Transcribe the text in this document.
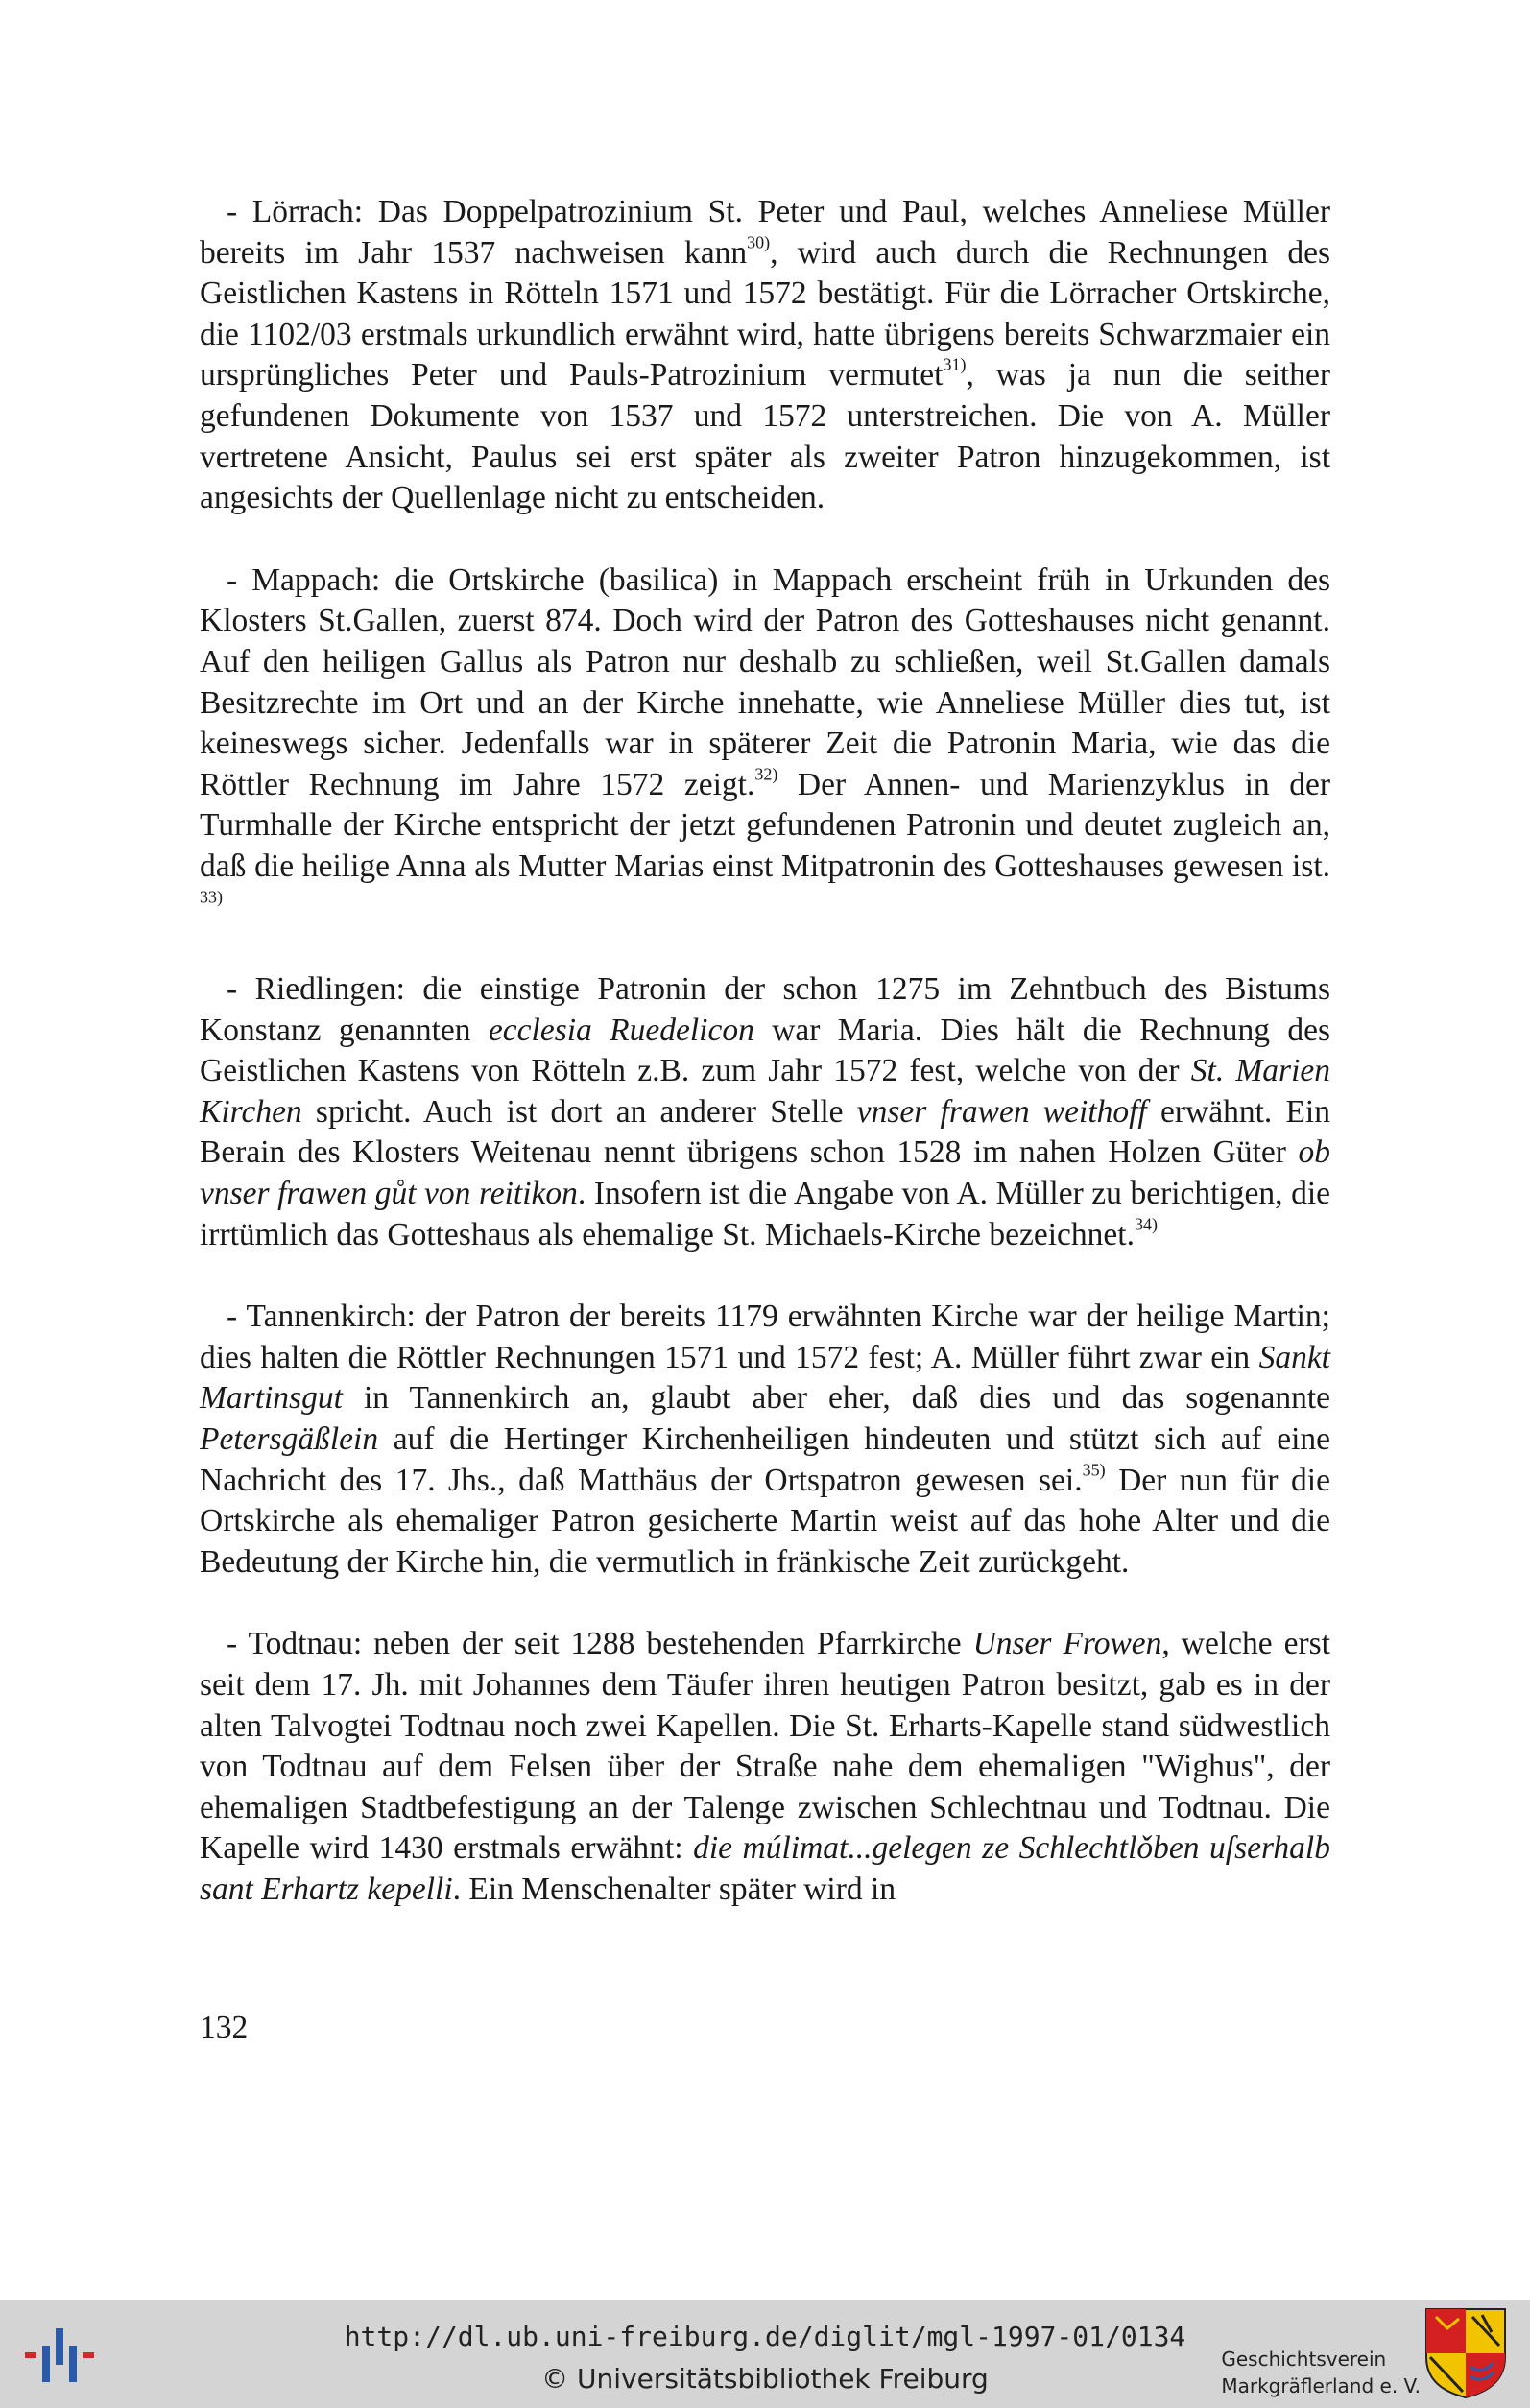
- Lörrach: Das Doppelpatrozinium St. Peter und Paul, welches Anneliese Müller bereits im Jahr 1537 nachweisen kann$^{30)}$, wird auch durch die Rechnungen des Geistlichen Kastens in Rötteln 1571 und 1572 bestätigt. Für die Lörracher Ortskirche, die 1102/03 erstmals urkundlich erwähnt wird, hatte übrigens bereits Schwarzmaier ein ursprüngliches Peter und Pauls-Patrozinium vermutet$^{31)}$, was ja nun die seither gefundenen Dokumente von 1537 und 1572 unterstreichen. Die von A. Müller vertretene Ansicht, Paulus sei erst später als zweiter Patron hinzugekommen, ist angesichts der Quellenlage nicht zu entscheiden.

- Mappach: die Ortskirche (basilica) in Mappach erscheint früh in Urkunden des Klosters St.Gallen, zuerst 874. Doch wird der Patron des Gotteshauses nicht genannt. Auf den heiligen Gallus als Patron nur deshalb zu schließen, weil St.Gallen damals Besitzrechte im Ort und an der Kirche innehatte, wie Anneliese Müller dies tut, ist keineswegs sicher. Jedenfalls war in späterer Zeit die Patronin Maria, wie das die Röttler Rechnung im Jahre 1572 zeigt.$^{32)}$ Der Annen- und Marienzyklus in der Turmhalle der Kirche entspricht der jetzt gefundenen Patronin und deutet zugleich an, daß die heilige Anna als Mutter Marias einst Mitpatronin des Gotteshauses gewesen ist. $^{33)}$

- Riedlingen: die einstige Patronin der schon 1275 im Zehntbuch des Bistums Konstanz genannten ecclesia Ruedelicon war Maria. Dies hält die Rechnung des Geistlichen Kastens von Rötteln z.B. zum Jahr 1572 fest, welche von der St. Marien Kirchen spricht. Auch ist dort an anderer Stelle vnser frawen weithoff erwähnt. Ein Berain des Klosters Weitenau nennt übrigens schon 1528 im nahen Holzen Güter ob vnser frawen gůt von reitikon. Insofern ist die Angabe von A. Müller zu berichtigen, die irrtümlich das Gotteshaus als ehemalige St. Michaels-Kirche bezeichnet.$^{34)}$

- Tannenkirch: der Patron der bereits 1179 erwähnten Kirche war der heilige Martin; dies halten die Röttler Rechnungen 1571 und 1572 fest; A. Müller führt zwar ein Sankt Martinsgut in Tannenkirch an, glaubt aber eher, daß dies und das sogenannte Petersgäßlein auf die Hertinger Kirchenheiligen hindeuten und stützt sich auf eine Nachricht des 17. Jhs., daß Matthäus der Ortspatron gewesen sei.$^{35)}$ Der nun für die Ortskirche als ehemaliger Patron gesicherte Martin weist auf das hohe Alter und die Bedeutung der Kirche hin, die vermutlich in fränkische Zeit zurückgeht.

- Todtnau: neben der seit 1288 bestehenden Pfarrkirche Unser Frowen, welche erst seit dem 17. Jh. mit Johannes dem Täufer ihren heutigen Patron besitzt, gab es in der alten Talvogtei Todtnau noch zwei Kapellen. Die St. Erharts-Kapelle stand südwestlich von Todtnau auf dem Felsen über der Straße nahe dem ehemaligen "Wighus", der ehemaligen Stadtbefestigung an der Talenge zwischen Schlechtnau und Todtnau. Die Kapelle wird 1430 erstmals erwähnt: die múlimat...gelegen ze Schlechtlǒben uſserhalb sant Erhartz kepelli. Ein Menschenalter später wird in

132
http://dl.ub.uni-freiburg.de/diglit/mgl-1997-01/0134
© Universitätsbibliothek Freiburg
Geschichtsverein
Markgräflerland e. V.
